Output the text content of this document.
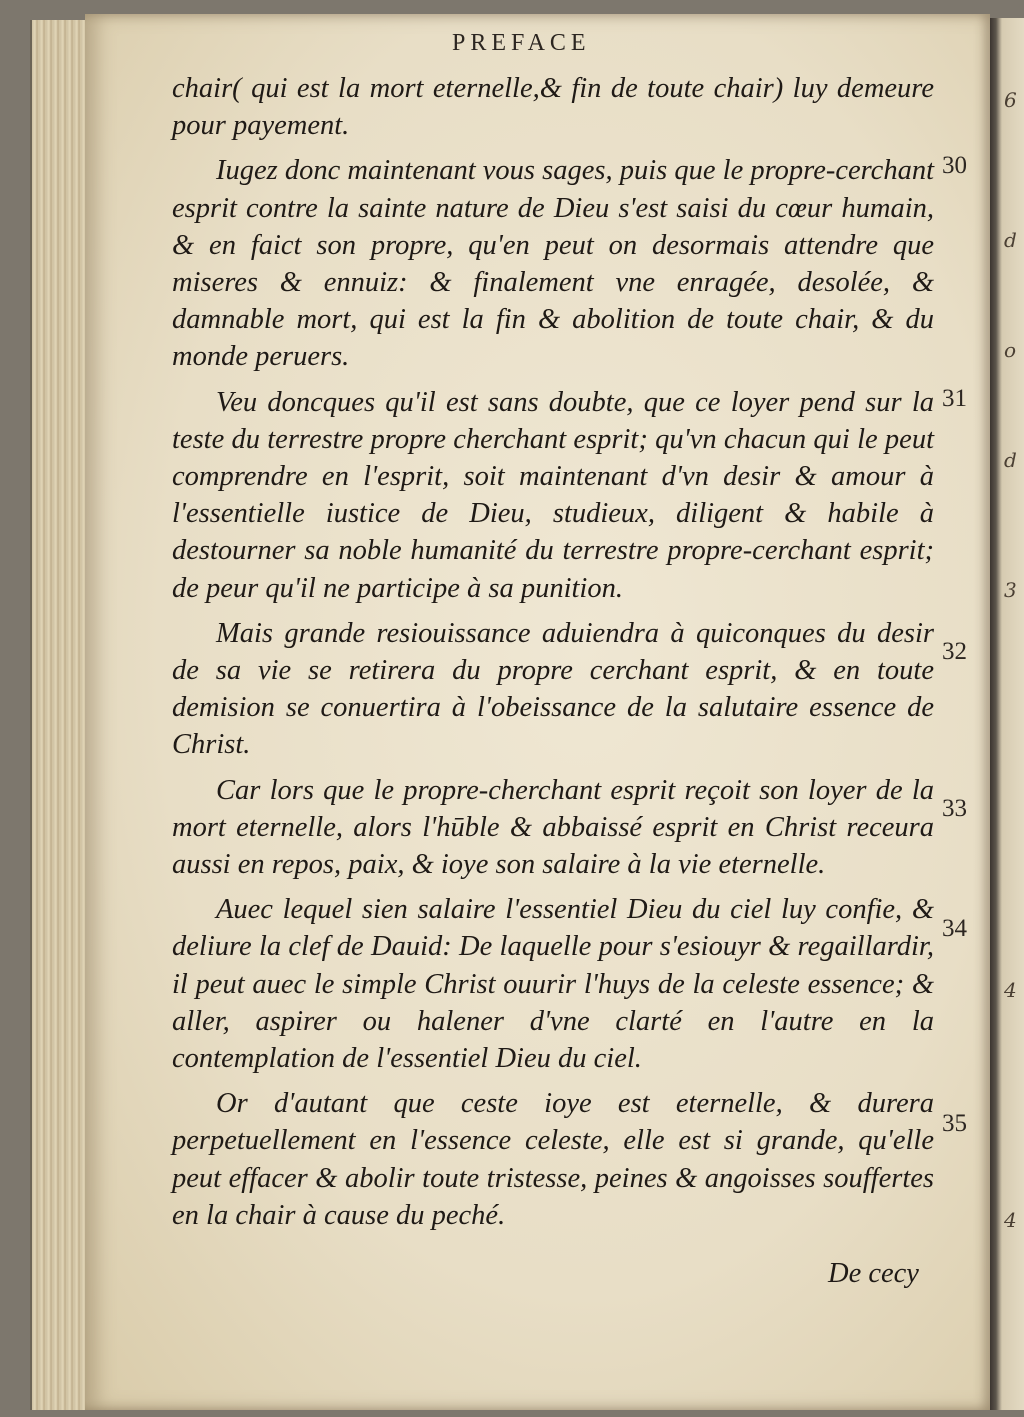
6
d
o
d
3
4
4
PREFACE

chair( qui est la mort eternelle,& fin de toute chair) luy demeure pour payement.

Iugez donc maintenant vous sages, puis que le propre-cerchant esprit contre la sainte nature de Dieu s'est saisi du cœur humain, & en faict son propre, qu'en peut on desormais attendre que miseres & ennuiz: & finalement vne enragée, desolée, & damnable mort, qui est la fin & abolition de toute chair, & du monde peruers.

Veu doncques qu'il est sans doubte, que ce loyer pend sur la teste du terrestre propre cherchant esprit; qu'vn chacun qui le peut comprendre en l'esprit, soit maintenant d'vn desir & amour à l'essentielle iustice de Dieu, studieux, diligent & habile à destourner sa noble humanité du terrestre propre-cerchant esprit; de peur qu'il ne participe à sa punition.

Mais grande resiouissance aduiendra à quiconques du desir de sa vie se retirera du propre cerchant esprit, & en toute demision se conuertira à l'obeissance de la salutaire essence de Christ.

Car lors que le propre-cherchant esprit reçoit son loyer de la mort eternelle, alors l'hūble & abbaissé esprit en Christ receura aussi en repos, paix, & ioye son salaire à la vie eternelle.

Auec lequel sien salaire l'essentiel Dieu du ciel luy confie, & deliure la clef de Dauid: De laquelle pour s'esiouyr & regaillardir, il peut auec le simple Christ ouurir l'huys de la celeste essence; & aller, aspirer ou halener d'vne clarté en l'autre en la contemplation de l'essentiel Dieu du ciel.

Or d'autant que ceste ioye est eternelle, & durera perpetuellement en l'essence celeste, elle est si grande, qu'elle peut effacer & abolir toute tristesse, peines & angoisses souffertes en la chair à cause du peché.

30
31
32
33
34
35
De cecy
